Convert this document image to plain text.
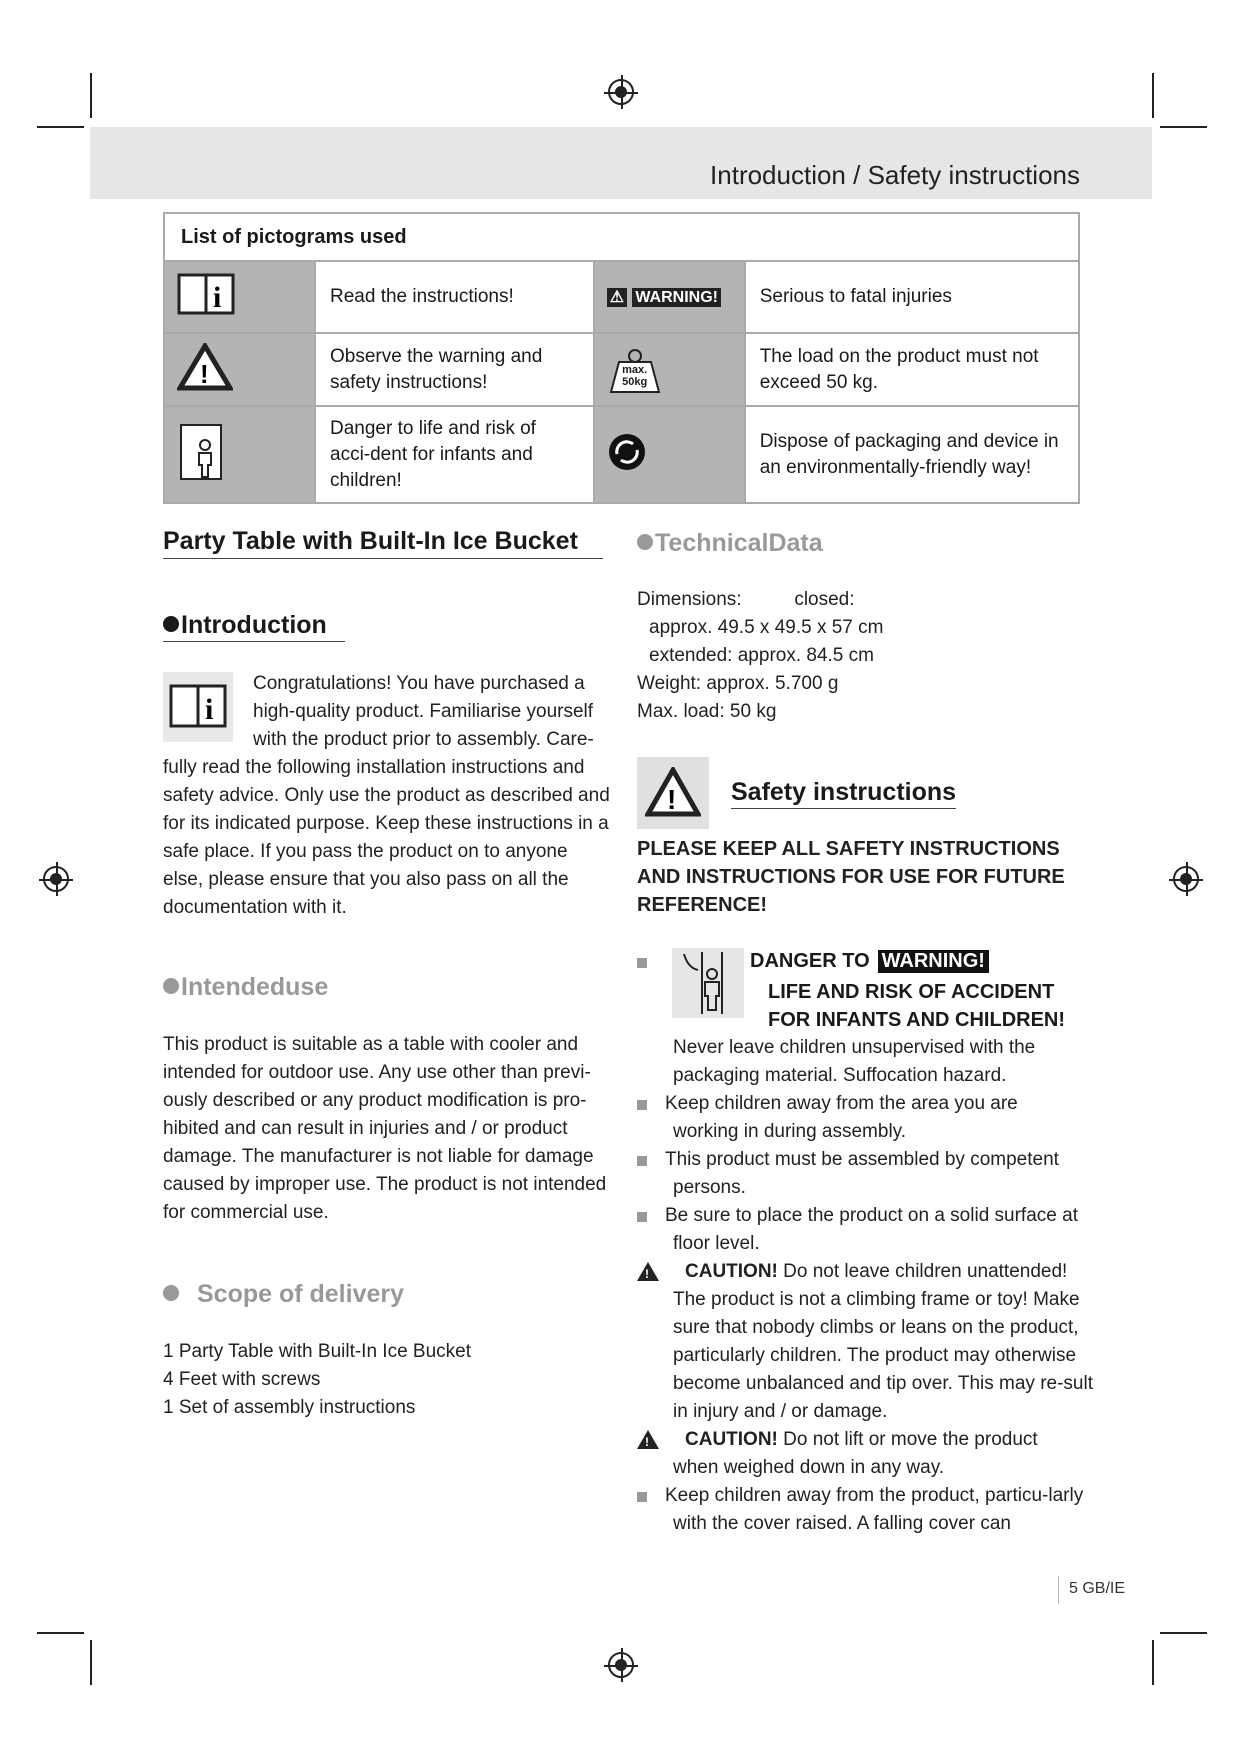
Introduction / Safety instructions
List of pictograms used			

i	Read the instructions!	⚠ WARNING!	Serious to fatal injuries

!	Observe the warning and safety instructions!	max. 50kg	The load on the product must not exceed 50 kg.
	Danger to life and risk of acci-dent for infants and children!		Dispose of packaging and device in an environmentally-friendly way!
Party Table with Built-In Ice Bucket
Introduction
i
Congratulations! You have purchased a high-quality product. Familiarise yourself with the product prior to assembly. Care-fully read the following installation instructions and safety advice. Only use the product as described and for its indicated purpose. Keep these instructions in a safe place. If you pass the product on to anyone else, please ensure that you also pass on all the documentation with it.
Intendeduse
This product is suitable as a table with cooler and intended for outdoor use. Any use other than previ-ously described or any product modification is pro-hibited and can result in injuries and / or product damage. The manufacturer is not liable for damage caused by improper use. The product is not intended for commercial use.
Scope of delivery
1 Party Table with Built-In Ice Bucket
4 Feet with screws
1 Set of assembly instructions
TechnicalData
Dimensions:          closed:
approx. 49.5 x 49.5 x 57 cm
extended: approx. 84.5 cm
Weight: approx. 5.700 g
Max. load: 50 kg
! Safety instructions
PLEASE KEEP ALL SAFETY INSTRUCTIONS AND INSTRUCTIONS FOR USE FOR FUTURE REFERENCE!
DANGER TO WARNING!
LIFE AND RISK OF ACCIDENT FOR INFANTS AND CHILDREN!
Never leave children unsupervised with the packaging material. Suffocation hazard.
Keep children away from the area you are working in during assembly.
This product must be assembled by competent persons.
Be sure to place the product on a solid surface at floor level.
!
CAUTION! Do not leave children unattended! The product is not a climbing frame or toy! Make sure that nobody climbs or leans on the product, particularly children. The product may otherwise become unbalanced and tip over. This may re-sult in injury and / or damage.
!
CAUTION! Do not lift or move the product when weighed down in any way.
Keep children away from the product, particu-larly with the cover raised. A falling cover can
5 GB/IE
